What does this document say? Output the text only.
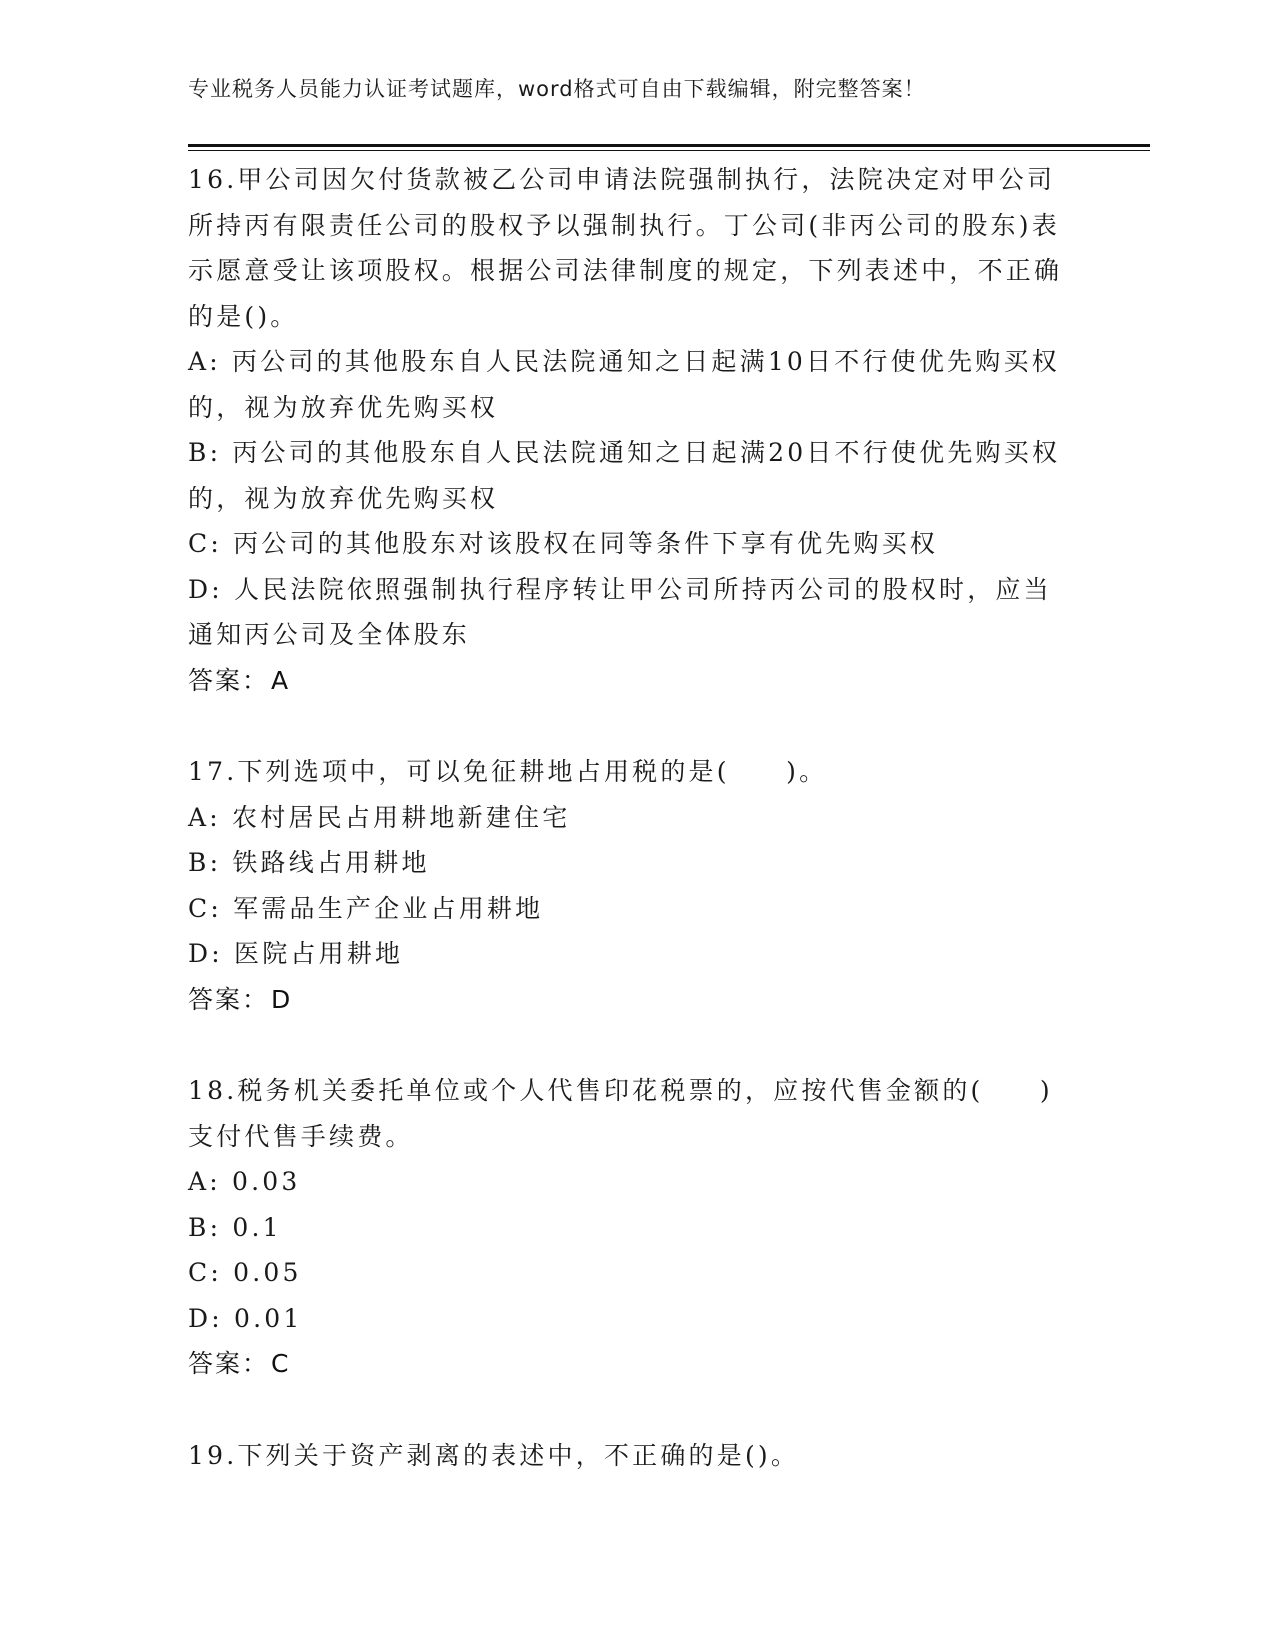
专业税务人员能力认证考试题库，word格式可自由下载编辑，附完整答案！

16.甲公司因欠付货款被乙公司申请法院强制执行，法院决定对甲公司所持丙有限责任公司的股权予以强制执行。丁公司(非丙公司的股东)表示愿意受让该项股权。根据公司法律制度的规定，下列表述中，不正确的是()。

A: 丙公司的其他股东自人民法院通知之日起满10日不行使优先购买权的，视为放弃优先购买权

B: 丙公司的其他股东自人民法院通知之日起满20日不行使优先购买权的，视为放弃优先购买权

C: 丙公司的其他股东对该股权在同等条件下享有优先购买权

D: 人民法院依照强制执行程序转让甲公司所持丙公司的股权时，应当通知丙公司及全体股东

答案：A

17.下列选项中，可以免征耕地占用税的是(　　)。

A: 农村居民占用耕地新建住宅

B: 铁路线占用耕地

C: 军需品生产企业占用耕地

D: 医院占用耕地

答案：D

18.税务机关委托单位或个人代售印花税票的，应按代售金额的(　　)支付代售手续费。

A: 0.03

B: 0.1

C: 0.05

D: 0.01

答案：C

19.下列关于资产剥离的表述中，不正确的是()。
